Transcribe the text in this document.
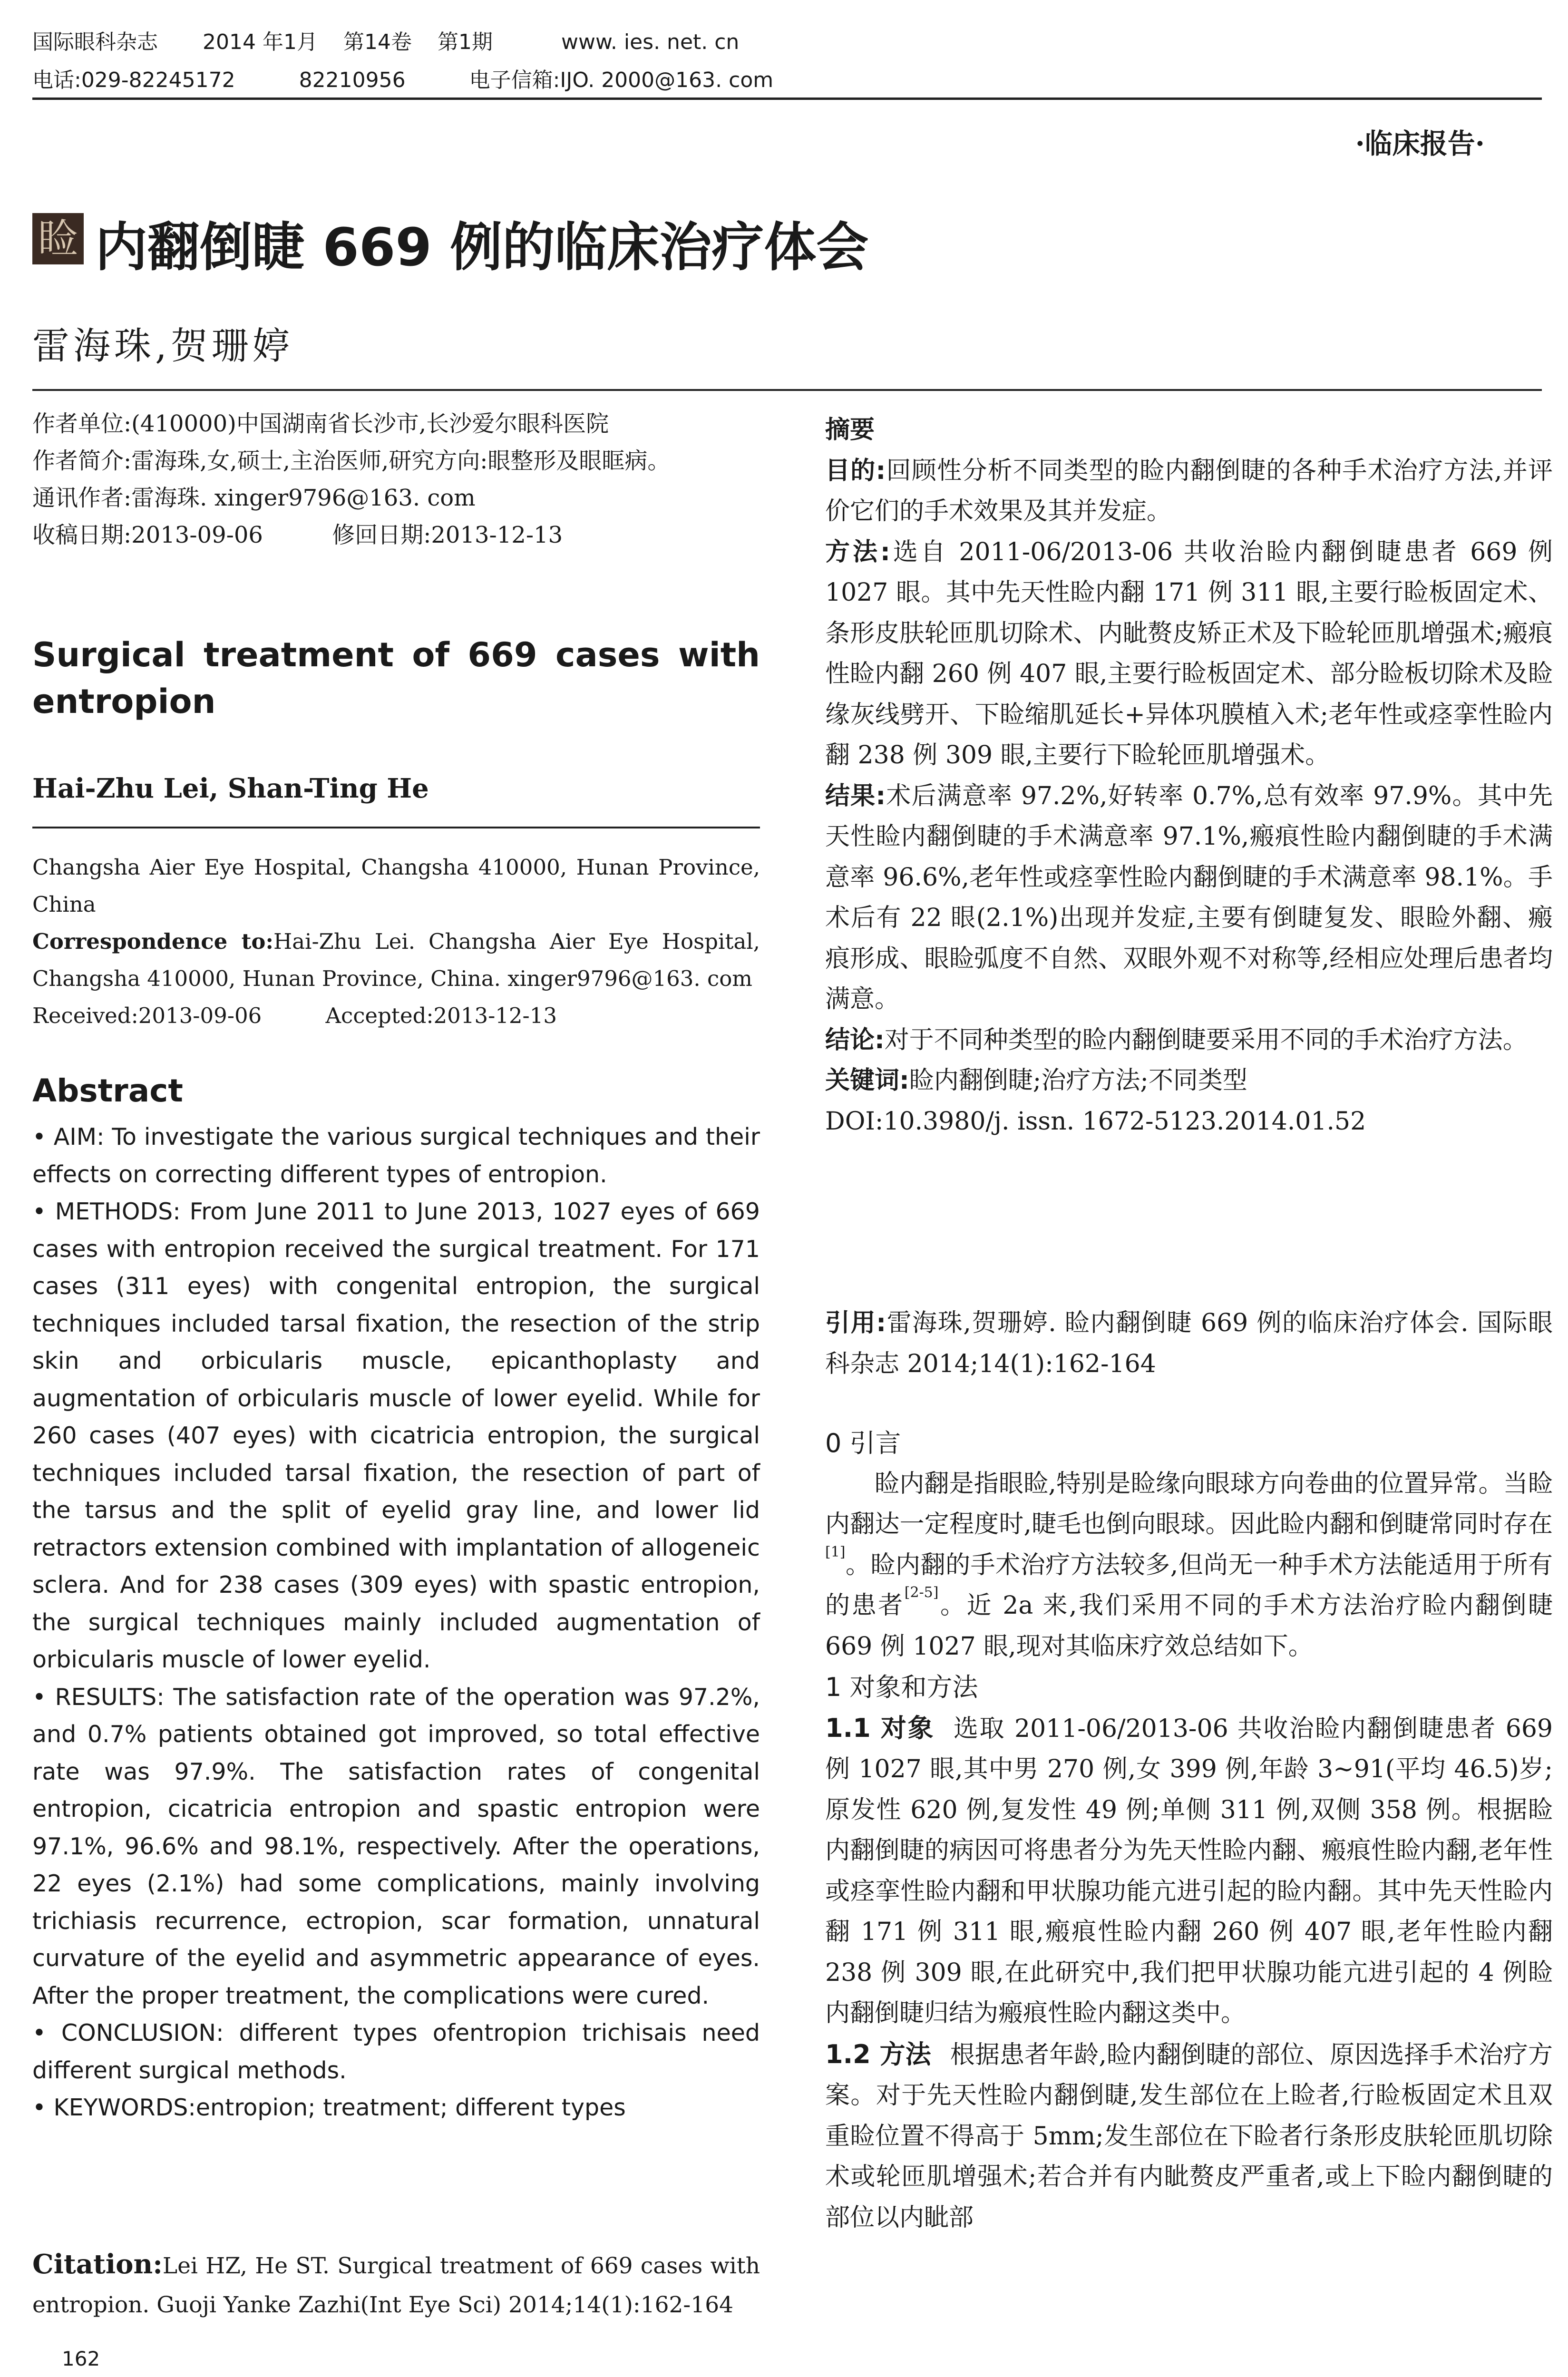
国际眼科杂志 2014 年1月 第14卷 第1期	www. ies. net. cn
电话:029-82245172	82210956	电子信箱:IJO. 2000@163. com
·临床报告·
睑 内翻倒睫 669 例的临床治疗体会
雷海珠,贺珊婷
作者单位:(410000)中国湖南省长沙市,长沙爱尔眼科医院
作者简介:雷海珠,女,硕士,主治医师,研究方向:眼整形及眼眶病。
通讯作者:雷海珠. xinger9796@163. com
收稿日期:2013-09-06	修回日期:2013-12-13
Surgical treatment of 669 cases with entropion
Hai-Zhu Lei, Shan-Ting He
Changsha Aier Eye Hospital, Changsha 410000, Hunan Province, China
Correspondence to:Hai-Zhu Lei. Changsha Aier Eye Hospital, Changsha 410000, Hunan Province, China. xinger9796@163. com
Received:2013-09-06	Accepted:2013-12-13
Abstract
• AIM: To investigate the various surgical techniques and their effects on correcting different types of entropion.
• METHODS: From June 2011 to June 2013, 1027 eyes of 669 cases with entropion received the surgical treatment. For 171 cases (311 eyes) with congenital entropion, the surgical techniques included tarsal fixation, the resection of the strip skin and orbicularis muscle, epicanthoplasty and augmentation of orbicularis muscle of lower eyelid. While for 260 cases (407 eyes) with cicatricia entropion, the surgical techniques included tarsal fixation, the resection of part of the tarsus and the split of eyelid gray line, and lower lid retractors extension combined with implantation of allogeneic sclera. And for 238 cases (309 eyes) with spastic entropion, the surgical techniques mainly included augmentation of orbicularis muscle of lower eyelid.
• RESULTS: The satisfaction rate of the operation was 97.2%, and 0.7% patients obtained got improved, so total effective rate was 97.9%. The satisfaction rates of congenital entropion, cicatricia entropion and spastic entropion were 97.1%, 96.6% and 98.1%, respectively. After the operations, 22 eyes (2.1%) had some complications, mainly involving trichiasis recurrence, ectropion, scar formation, unnatural curvature of the eyelid and asymmetric appearance of eyes. After the proper treatment, the complications were cured.
• CONCLUSION: different types ofentropion trichisais need different surgical methods.
• KEYWORDS:entropion; treatment; different types
Citation:Lei HZ, He ST. Surgical treatment of 669 cases with entropion. Guoji Yanke Zazhi(Int Eye Sci) 2014;14(1):162-164
162
摘要
目的:回顾性分析不同类型的睑内翻倒睫的各种手术治疗方法,并评价它们的手术效果及其并发症。
方法:选自 2011-06/2013-06 共收治睑内翻倒睫患者 669 例 1027 眼。其中先天性睑内翻 171 例 311 眼,主要行睑板固定术、条形皮肤轮匝肌切除术、内眦赘皮矫正术及下睑轮匝肌增强术;瘢痕性睑内翻 260 例 407 眼,主要行睑板固定术、部分睑板切除术及睑缘灰线劈开、下睑缩肌延长+异体巩膜植入术;老年性或痉挛性睑内翻 238 例 309 眼,主要行下睑轮匝肌增强术。
结果:术后满意率 97.2%,好转率 0.7%,总有效率 97.9%。其中先天性睑内翻倒睫的手术满意率 97.1%,瘢痕性睑内翻倒睫的手术满意率 96.6%,老年性或痉挛性睑内翻倒睫的手术满意率 98.1%。手术后有 22 眼(2.1%)出现并发症,主要有倒睫复发、眼睑外翻、瘢痕形成、眼睑弧度不自然、双眼外观不对称等,经相应处理后患者均满意。
结论:对于不同种类型的睑内翻倒睫要采用不同的手术治疗方法。
关键词:睑内翻倒睫;治疗方法;不同类型
DOI:10.3980/j. issn. 1672-5123.2014.01.52
引用:雷海珠,贺珊婷. 睑内翻倒睫 669 例的临床治疗体会. 国际眼科杂志 2014;14(1):162-164
0 引言
睑内翻是指眼睑,特别是睑缘向眼球方向卷曲的位置异常。当睑内翻达一定程度时,睫毛也倒向眼球。因此睑内翻和倒睫常同时存在[1]。睑内翻的手术治疗方法较多,但尚无一种手术方法能适用于所有的患者[2-5]。近 2a 来,我们采用不同的手术方法治疗睑内翻倒睫 669 例 1027 眼,现对其临床疗效总结如下。
1 对象和方法
1.1 对象 选取 2011-06/2013-06 共收治睑内翻倒睫患者 669 例 1027 眼,其中男 270 例,女 399 例,年龄 3~91(平均 46.5)岁;原发性 620 例,复发性 49 例;单侧 311 例,双侧 358 例。根据睑内翻倒睫的病因可将患者分为先天性睑内翻、瘢痕性睑内翻,老年性或痉挛性睑内翻和甲状腺功能亢进引起的睑内翻。其中先天性睑内翻 171 例 311 眼,瘢痕性睑内翻 260 例 407 眼,老年性睑内翻 238 例 309 眼,在此研究中,我们把甲状腺功能亢进引起的 4 例睑内翻倒睫归结为瘢痕性睑内翻这类中。
1.2 方法 根据患者年龄,睑内翻倒睫的部位、原因选择手术治疗方案。对于先天性睑内翻倒睫,发生部位在上睑者,行睑板固定术且双重睑位置不得高于 5mm;发生部位在下睑者行条形皮肤轮匝肌切除术或轮匝肌增强术;若合并有内眦赘皮严重者,或上下睑内翻倒睫的部位以内眦部
